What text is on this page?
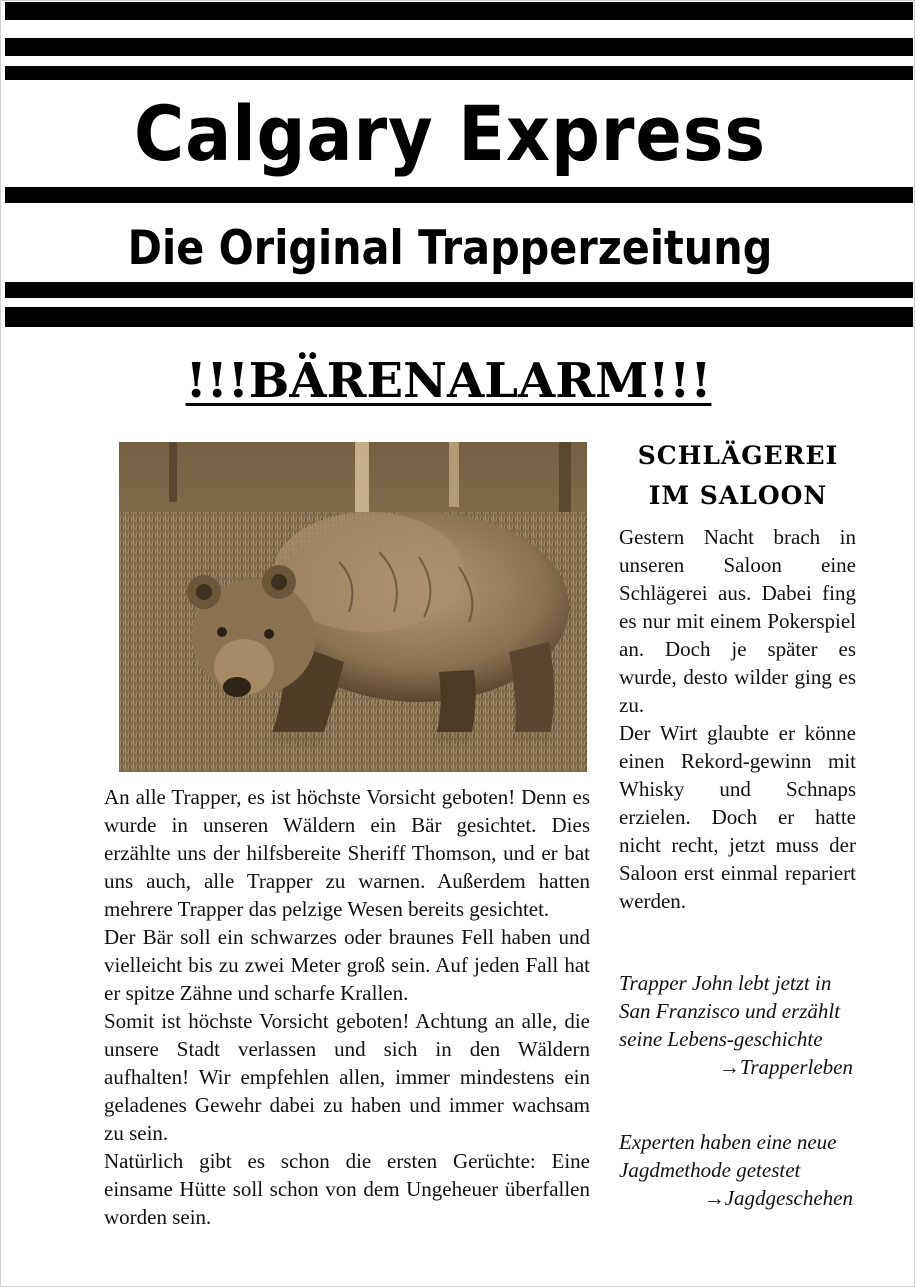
Calgary Express
Die Original Trapperzeitung
!!!BÄRENALARM!!!

An alle Trapper, es ist höchste Vorsicht geboten! Denn es wurde in unseren Wäldern ein Bär gesichtet. Dies erzählte uns der hilfsbereite Sheriff Thomson, und er bat uns auch, alle Trapper zu warnen. Außerdem hatten mehrere Trapper das pelzige Wesen bereits gesichtet.

Der Bär soll ein schwarzes oder braunes Fell haben und vielleicht bis zu zwei Meter groß sein. Auf jeden Fall hat er spitze Zähne und scharfe Krallen.

Somit ist höchste Vorsicht geboten! Achtung an alle, die unsere Stadt verlassen und sich in den Wäldern aufhalten! Wir empfehlen allen, immer mindestens ein geladenes Gewehr dabei zu haben und immer wachsam zu sein.

Natürlich gibt es schon die ersten Gerüchte: Eine einsame Hütte soll schon von dem Ungeheuer überfallen worden sein.

SCHLÄGEREI
IM SALOON

Gestern Nacht brach in unseren Saloon eine Schlägerei aus. Dabei fing es nur mit einem Pokerspiel an. Doch je später es wurde, desto wilder ging es zu.

Der Wirt glaubte er könne einen Rekord-gewinn mit Whisky und Schnaps erzielen. Doch er hatte nicht recht, jetzt muss der Saloon erst einmal repariert werden.

Trapper John lebt jetzt in San Franzisco und erzählt seine Lebens-geschichte
→Trapperleben
Experten haben eine neue Jagdmethode getestet
→Jagdgeschehen
